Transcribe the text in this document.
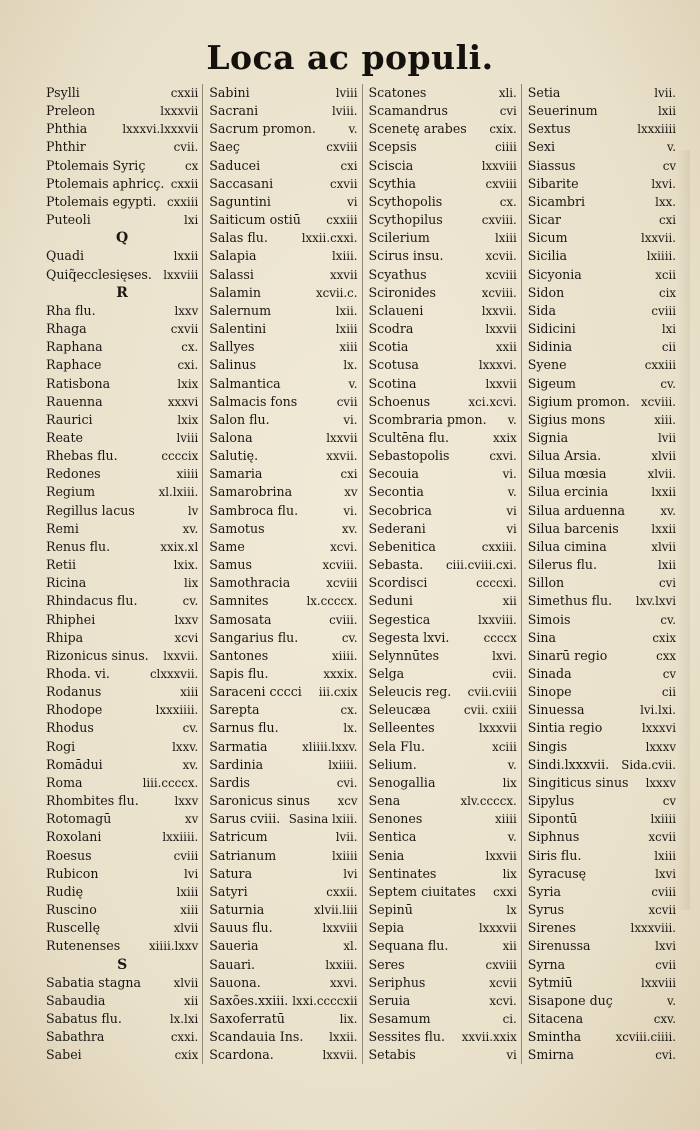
Loca ac populi.
Psylli	cxxii
Preleon	lxxxvii
Phthia	lxxxvi.lxxxvii
Phthir	cvii.
Ptolemais Syriç	cx
Ptolemais aphricç. cxxii
Ptolemais egypti. cxxiii
Puteoli	lxi
Q
Quadi	lxxii
Quiq̃ecclesięses. lxxviii
R
Rha flu.	lxxv
Rhaga	cxvii
Raphana	cx.
Raphace	cxi.
Ratisbona	lxix
Rauenna	xxxvi
Raurici	lxix
Reate	lviii
Rhebas flu.	ccccix
Redones	xiiii
Regium	xl.lxiii.
Regillus lacus	lv
Remi	xv.
Renus flu.	xxix.xl
Retii	lxix.
Ricina	lix
Rhindacus flu.	cv.
Rhiphei	lxxv
Rhipa	xcvi
Rizonicus sinus.	lxxvii.
Rhoda. vi.	clxxxvii.
Rodanus	xiii
Rhodope	lxxxiiii.
Rhodus	cv.
Rogi	lxxv.
Romādui	xv.
Roma	liii.ccccx.
Rhombites flu.	lxxv
Rotomagū	xv
Roxolani	lxxiiii.
Roesus	cviii
Rubicon	lvi
Rudię	lxiii
Ruscino	xiii
Ruscellę	xlvii
Rutenenses	xiiii.lxxv
S
Sabatia stagna	xlvii
Sabaudia	xii
Sabatus flu.	lx.lxi
Sabathra	cxxi.
Sabei	cxix
Sabini	lviii
Sacrani	lviii.
Sacrum promon.	v.
Saeç	cxviii
Saducei	cxi
Saccasani	cxvii
Saguntini	vi
Saiticum ostiū	cxxiii
Salas flu.	lxxii.cxxi.
Salapia	lxiii.
Salassi	xxvii
Salamin	xcvii.c.
Salernum	lxii.
Salentini	lxiii
Sallyes	xiii
Salinus	lx.
Salmantica	v.
Salmacis fons	cvii
Salon flu.	vi.
Salona	lxxvii
Salutię.	xxvii.
Samaria	cxi
Samarobrina	xv
Sambroca flu.	vi.
Samotus	xv.
Same	xcvi.
Samus	xcviii.
Samothracia	xcviii
Samnites	lx.ccccx.
Samosata	cviii.
Sangarius flu.	cv.
Santones	xiiii.
Sapis flu.	xxxix.
Saraceni cccci	iii.cxix
Sarepta	cx.
Sarnus flu.	lx.
Sarmatia	xliiii.lxxv.
Sardinia	lxiiii.
Sardis	cvi.
Saronicus sinus	xcv
Sarus cviii. Sasina lxiii.
Satricum	lvii.
Satrianum	lxiiii
Satura	lvi
Satyri	cxxii.
Saturnia	xlvii.liii
Sauus flu.	lxxviii
Saueria	xl.
Sauari.	lxxiii.
Sauona.	xxvi.
Saxões.xxiii. lxxi.ccccxii
Saxoferratū	lix.
Scandauia Ins.	lxxii.
Scardona.	lxxvii.
Scatones	xli.
Scamandrus	cvi
Scenetę arabes	cxix.
Scepsis	ciiii
Sciscia	lxxviii
Scythia	cxviii
Scythopolis	cx.
Scythopilus	cxviii.
Scilerium	lxiii
Scirus insu.	xcvii.
Scyathus	xcviii
Scironides	xcviii.
Sclaueni	lxxvii.
Scodra	lxxvii
Scotia	xxii
Scotusa	lxxxvi.
Scotina	lxxvii
Schoenus	xci.xcvi.
Scombraria pmon.	v.
Scultēna flu.	xxix
Sebastopolis	cxvi.
Secouia	vi.
Secontia	v.
Secobrica	vi
Sederani	vi
Sebenitica	cxxiii.
Sebasta.	ciii.cviii.cxi.
Scordisci	ccccxi.
Seduni	xii
Segestica	lxxviii.
Segesta lxvi.	ccccx
Selynnūtes	lxvi.
Selga	cvii.
Seleucis reg.	cvii.cviii
Seleucæa	cvii. cxiii
Selleentes	lxxxvii
Sela Flu.	xciii
Selium.	v.
Senogallia	lix
Sena	xlv.ccccx.
Senones	xiiii
Sentica	v.
Senia	lxxvii
Sentinates	lix
Septem ciuitates	cxxi
Sepinū	lx
Sepia	lxxxvii
Sequana flu.	xii
Seres	cxviii
Seriphus	xcvii
Seruia	xcvi.
Sesamum	ci.
Sessites flu.	xxvii.xxix
Setabis	vi
Setia	lvii.
Seuerinum	lxii
Sextus	lxxxiiii
Sexi	v.
Siassus	cv
Sibarite	lxvi.
Sicambri	lxx.
Sicar	cxi
Sicum	lxxvii.
Sicilia	lxiiii.
Sicyonia	xcii
Sidon	cix
Sida	cviii
Sidicini	lxi
Sidinia	cii
Syene	cxxiii
Sigeum	cv.
Sigium promon. xcviii.
Sigius mons	xiii.
Signia	lvii
Silua Arsia.	xlvii
Silua mœsia	xlvii.
Silua ercinia	lxxii
Silua arduenna	xv.
Silua barcenis	lxxii
Silua cimina	xlvii
Silerus flu.	lxii
Sillon	cvi
Simethus flu.	lxv.lxvi
Simois	cv.
Sina	cxix
Sinarū regio	cxx
Sinada	cv
Sinope	cii
Sinuessa	lvi.lxi.
Sintia regio	lxxxvi
Singis	lxxxv
Sindi.lxxxvii.	Sida.cvii.
Singiticus sinus	lxxxv
Sipylus	cv
Sipontū	lxiiii
Siphnus	xcvii
Siris flu.	lxiii
Syracusę	lxvi
Syria	cviii
Syrus	xcvii
Sirenes	lxxxviii.
Sirenussa	lxvi
Syrna	cvii
Sytmiū	lxxviii
Sisapone duç	v.
Sitacena	cxv.
Smintha	xcviii.ciiii.
Smirna	cvi.
